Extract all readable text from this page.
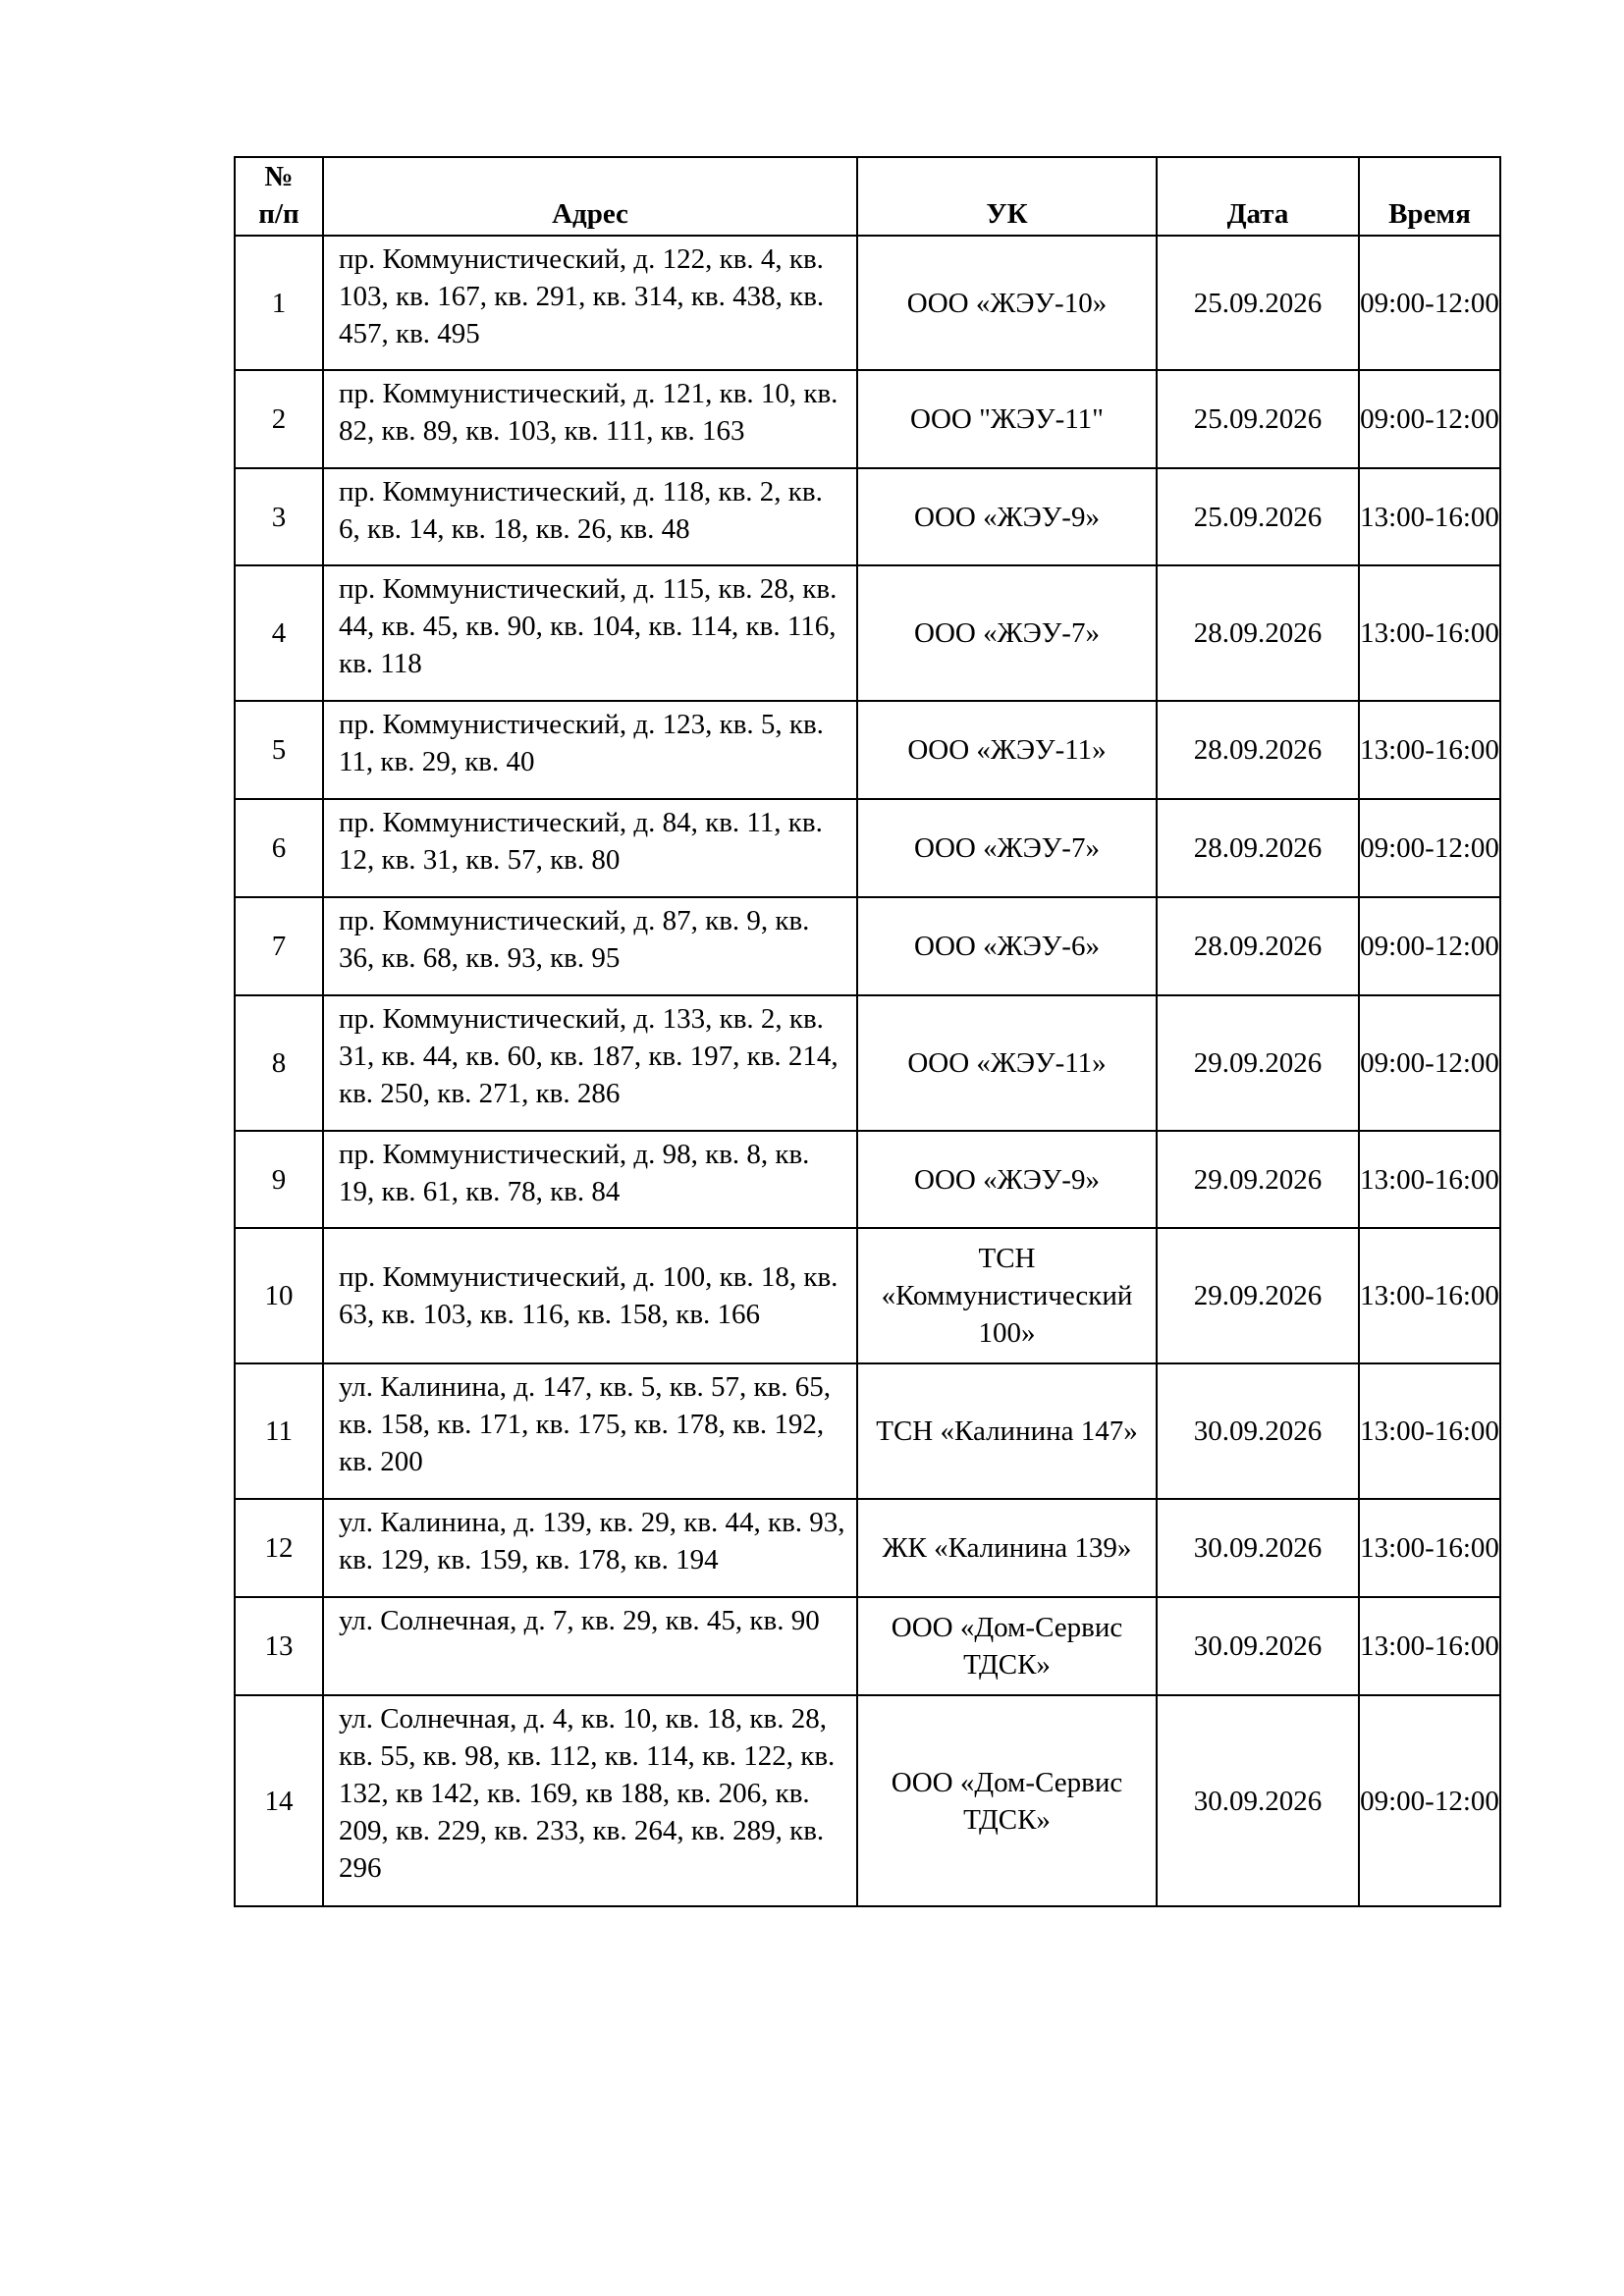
№
п/п	Адрес	УК	Дата	Время
1	пр. Коммунистический, д. 122, кв. 4, кв. 103, кв. 167, кв. 291, кв. 314, кв. 438, кв. 457, кв. 495	ООО «ЖЭУ-10»	25.09.2026	09:00-12:00
2	пр. Коммунистический, д. 121, кв. 10, кв. 82, кв. 89, кв. 103, кв. 111, кв. 163	ООО "ЖЭУ-11"	25.09.2026	09:00-12:00
3	пр. Коммунистический, д. 118, кв. 2, кв. 6, кв. 14, кв. 18, кв. 26, кв. 48	ООО «ЖЭУ-9»	25.09.2026	13:00-16:00
4	пр. Коммунистический, д. 115, кв. 28, кв. 44, кв. 45, кв. 90, кв. 104, кв. 114, кв. 116, кв. 118	ООО «ЖЭУ-7»	28.09.2026	13:00-16:00
5	пр. Коммунистический, д. 123, кв. 5, кв. 11, кв. 29, кв. 40	ООО «ЖЭУ-11»	28.09.2026	13:00-16:00
6	пр. Коммунистический, д. 84, кв. 11, кв. 12, кв. 31, кв. 57, кв. 80	ООО «ЖЭУ-7»	28.09.2026	09:00-12:00
7	пр. Коммунистический, д. 87, кв. 9, кв. 36, кв. 68, кв. 93, кв. 95	ООО «ЖЭУ-6»	28.09.2026	09:00-12:00
8	пр. Коммунистический, д. 133, кв. 2, кв. 31, кв. 44, кв. 60, кв. 187, кв. 197, кв. 214, кв. 250, кв. 271, кв. 286	ООО «ЖЭУ-11»	29.09.2026	09:00-12:00
9	пр. Коммунистический, д. 98, кв. 8, кв. 19, кв. 61, кв. 78, кв. 84	ООО «ЖЭУ-9»	29.09.2026	13:00-16:00
10	пр. Коммунистический, д. 100, кв. 18, кв. 63, кв. 103, кв. 116, кв. 158, кв. 166	ТСН «Коммунистический 100»	29.09.2026	13:00-16:00
11	ул. Калинина, д. 147, кв. 5, кв. 57, кв. 65, кв. 158, кв. 171, кв. 175, кв. 178, кв. 192, кв. 200	ТСН «Калинина 147»	30.09.2026	13:00-16:00
12	ул. Калинина, д. 139, кв. 29, кв. 44, кв. 93, кв. 129, кв. 159, кв. 178, кв. 194	ЖК «Калинина 139»	30.09.2026	13:00-16:00
13	ул. Солнечная, д. 7, кв. 29, кв. 45, кв. 90	ООО «Дом-Сервис ТДСК»	30.09.2026	13:00-16:00
14	ул. Солнечная, д. 4, кв. 10, кв. 18, кв. 28, кв. 55, кв. 98, кв. 112, кв. 114, кв. 122, кв. 132, кв 142, кв. 169, кв 188, кв. 206, кв. 209, кв. 229, кв. 233, кв. 264, кв. 289, кв. 296	ООО «Дом-Сервис ТДСК»	30.09.2026	09:00-12:00
